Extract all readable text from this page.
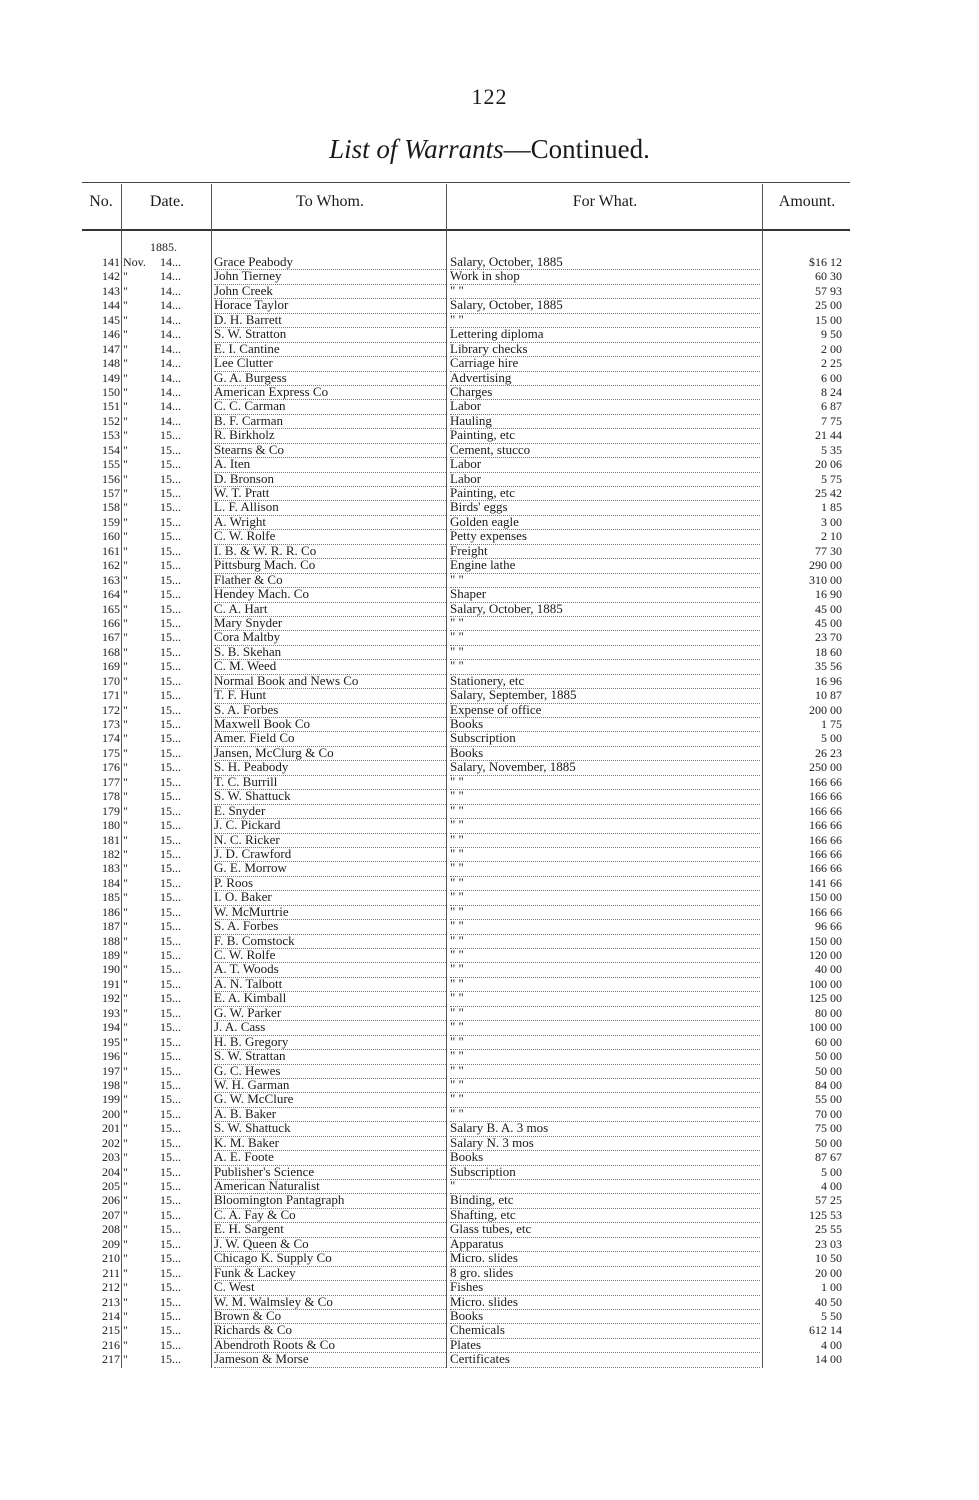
122
List of Warrants—Continued.
No.	Date.	To Whom.	For What.	Amount.
1885.
141 Nov.	14...	Grace Peabody	Salary, October, 1885	$16 12
142 "	14...	John Tierney	Work in shop	60 30
143 "	14...	John Creek	" "	57 93
144 "	14...	Horace Taylor	Salary, October, 1885	25 00
145 "	14...	D. H. Barrett	" "	15 00
146 "	14...	S. W. Stratton	Lettering diploma	9 50
147 "	14...	E. I. Cantine	Library checks	2 00
148 "	14...	Lee Clutter	Carriage hire	2 25
149 "	14...	G. A. Burgess	Advertising	6 00
150 "	14...	American Express Co	Charges	8 24
151 "	14...	C. C. Carman	Labor	6 87
152 "	14...	B. F. Carman	Hauling	7 75
153 "	15...	R. Birkholz	Painting, etc	21 44
154 "	15...	Stearns & Co	Cement, stucco	5 35
155 "	15...	A. Iten	Labor	20 06
156 "	15...	D. Bronson	Labor	5 75
157 "	15...	W. T. Pratt	Painting, etc	25 42
158 "	15...	L. F. Allison	Birds' eggs	1 85
159 "	15...	A. Wright	Golden eagle	3 00
160 "	15...	C. W. Rolfe	Petty expenses	2 10
161 "	15...	I. B. & W. R. R. Co	Freight	77 30
162 "	15...	Pittsburg Mach. Co	Engine lathe	290 00
163 "	15...	Flather & Co	" "	310 00
164 "	15...	Hendey Mach. Co	Shaper	16 90
165 "	15...	C. A. Hart	Salary, October, 1885	45 00
166 "	15...	Mary Snyder	" "	45 00
167 "	15...	Cora Maltby	" "	23 70
168 "	15...	S. B. Skehan	" "	18 60
169 "	15...	C. M. Weed	" "	35 56
170 "	15...	Normal Book and News Co	Stationery, etc	16 96
171 "	15...	T. F. Hunt	Salary, September, 1885	10 87
172 "	15...	S. A. Forbes	Expense of office	200 00
173 "	15...	Maxwell Book Co	Books	1 75
174 "	15...	Amer. Field Co	Subscription	5 00
175 "	15...	Jansen, McClurg & Co	Books	26 23
176 "	15...	S. H. Peabody	Salary, November, 1885	250 00
177 "	15...	T. C. Burrill	" "	166 66
178 "	15...	S. W. Shattuck	" "	166 66
179 "	15...	E. Snyder	" "	166 66
180 "	15...	J. C. Pickard	" "	166 66
181 "	15...	N. C. Ricker	" "	166 66
182 "	15...	J. D. Crawford	" "	166 66
183 "	15...	G. E. Morrow	" "	166 66
184 "	15...	P. Roos	" "	141 66
185 "	15...	I. O. Baker	" "	150 00
186 "	15...	W. McMurtrie	" "	166 66
187 "	15...	S. A. Forbes	" "	96 66
188 "	15...	F. B. Comstock	" "	150 00
189 "	15...	C. W. Rolfe	" "	120 00
190 "	15...	A. T. Woods	" "	40 00
191 "	15...	A. N. Talbott	" "	100 00
192 "	15...	E. A. Kimball	" "	125 00
193 "	15...	G. W. Parker	" "	80 00
194 "	15...	J. A. Cass	" "	100 00
195 "	15...	H. B. Gregory	" "	60 00
196 "	15...	S. W. Strattan	" "	50 00
197 "	15...	G. C. Hewes	" "	50 00
198 "	15...	W. H. Garman	" "	84 00
199 "	15...	G. W. McClure	" "	55 00
200 "	15...	A. B. Baker	" "	70 00
201 "	15...	S. W. Shattuck	Salary B. A. 3 mos	75 00
202 "	15...	K. M. Baker	Salary N. 3 mos	50 00
203 "	15...	A. E. Foote	Books	87 67
204 "	15...	Publisher's Science	Subscription	5 00
205 "	15...	American Naturalist	"	4 00
206 "	15...	Bloomington Pantagraph	Binding, etc	57 25
207 "	15...	C. A. Fay & Co	Shafting, etc	125 53
208 "	15...	E. H. Sargent	Glass tubes, etc	25 55
209 "	15...	J. W. Queen & Co	Apparatus	23 03
210 "	15...	Chicago K. Supply Co	Micro. slides	10 50
211 "	15...	Funk & Lackey	8 gro. slides	20 00
212 "	15...	C. West	Fishes	1 00
213 "	15...	W. M. Walmsley & Co	Micro. slides	40 50
214 "	15...	Brown & Co	Books	5 50
215 "	15...	Richards & Co	Chemicals	612 14
216 "	15...	Abendroth Roots & Co	Plates	4 00
217 "	15...	Jameson & Morse	Certificates	14 00
